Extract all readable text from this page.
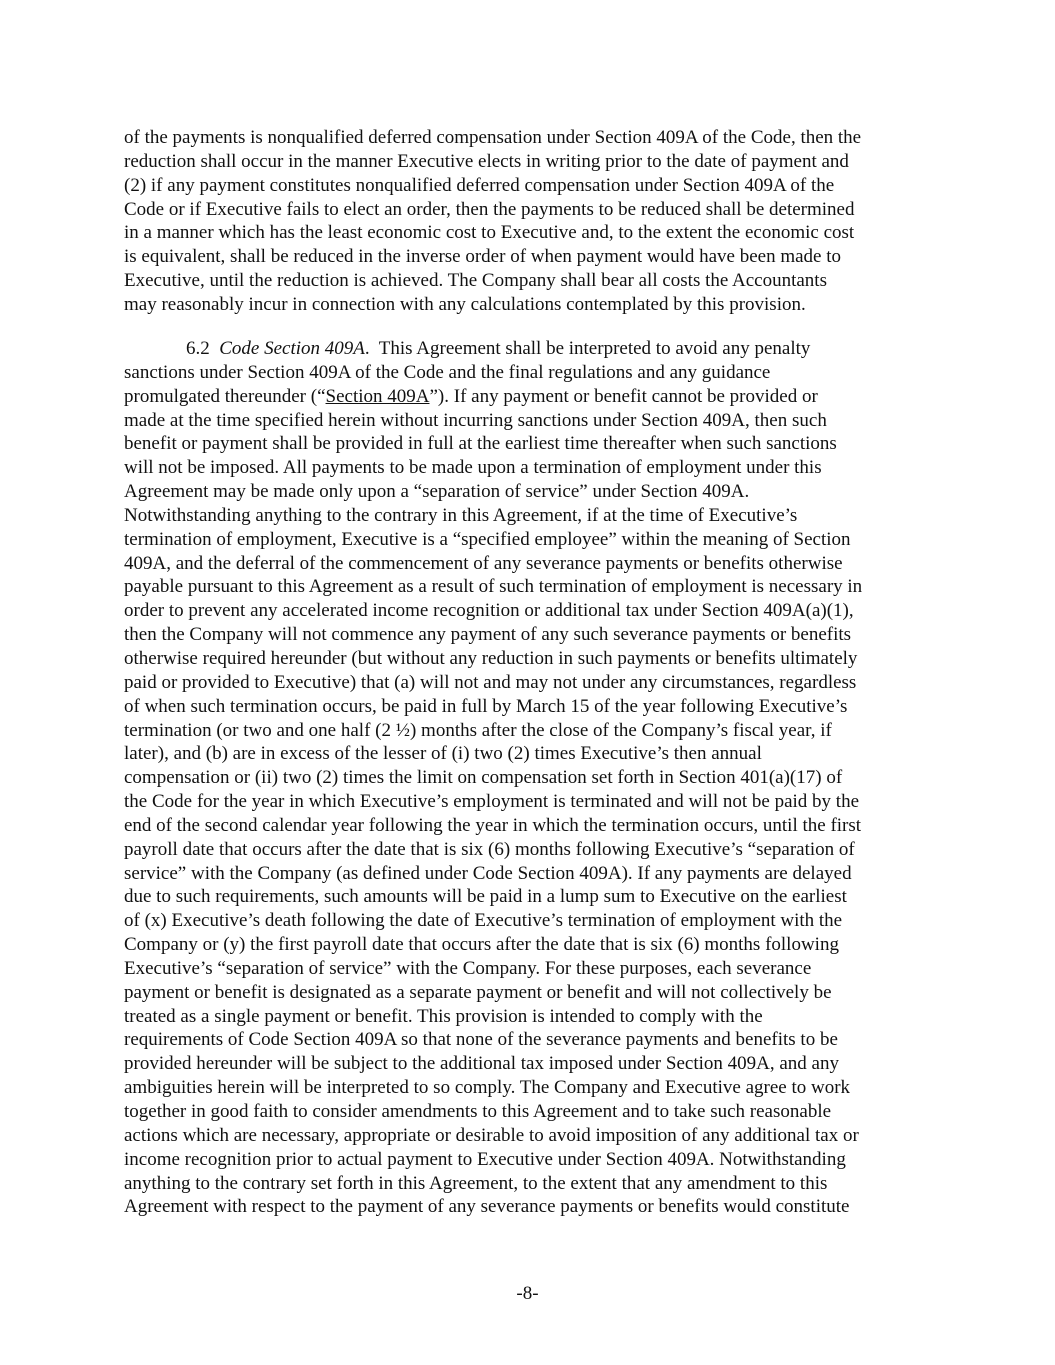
of the payments is nonqualified deferred compensation under Section 409A of the Code, then the
reduction shall occur in the manner Executive elects in writing prior to the date of payment and
(2) if any payment constitutes nonqualified deferred compensation under Section 409A of the
Code or if Executive fails to elect an order, then the payments to be reduced shall be determined
in a manner which has the least economic cost to Executive and, to the extent the economic cost
is equivalent, shall be reduced in the inverse order of when payment would have been made to
Executive, until the reduction is achieved. The Company shall bear all costs the Accountants
may reasonably incur in connection with any calculations contemplated by this provision.
6.2 Code Section 409A.  This Agreement shall be interpreted to avoid any penalty
sanctions under Section 409A of the Code and the final regulations and any guidance
promulgated thereunder (“Section 409A”). If any payment or benefit cannot be provided or
made at the time specified herein without incurring sanctions under Section 409A, then such
benefit or payment shall be provided in full at the earliest time thereafter when such sanctions
will not be imposed. All payments to be made upon a termination of employment under this
Agreement may be made only upon a “separation of service” under Section 409A.
Notwithstanding anything to the contrary in this Agreement, if at the time of Executive’s
termination of employment, Executive is a “specified employee” within the meaning of Section
409A, and the deferral of the commencement of any severance payments or benefits otherwise
payable pursuant to this Agreement as a result of such termination of employment is necessary in
order to prevent any accelerated income recognition or additional tax under Section 409A(a)(1),
then the Company will not commence any payment of any such severance payments or benefits
otherwise required hereunder (but without any reduction in such payments or benefits ultimately
paid or provided to Executive) that (a) will not and may not under any circumstances, regardless
of when such termination occurs, be paid in full by March 15 of the year following Executive’s
termination (or two and one half (2 ½) months after the close of the Company’s fiscal year, if
later), and (b) are in excess of the lesser of (i) two (2) times Executive’s then annual
compensation or (ii) two (2) times the limit on compensation set forth in Section 401(a)(17) of
the Code for the year in which Executive’s employment is terminated and will not be paid by the
end of the second calendar year following the year in which the termination occurs, until the first
payroll date that occurs after the date that is six (6) months following Executive’s “separation of
service” with the Company (as defined under Code Section 409A). If any payments are delayed
due to such requirements, such amounts will be paid in a lump sum to Executive on the earliest
of (x) Executive’s death following the date of Executive’s termination of employment with the
Company or (y) the first payroll date that occurs after the date that is six (6) months following
Executive’s “separation of service” with the Company. For these purposes, each severance
payment or benefit is designated as a separate payment or benefit and will not collectively be
treated as a single payment or benefit. This provision is intended to comply with the
requirements of Code Section 409A so that none of the severance payments and benefits to be
provided hereunder will be subject to the additional tax imposed under Section 409A, and any
ambiguities herein will be interpreted to so comply. The Company and Executive agree to work
together in good faith to consider amendments to this Agreement and to take such reasonable
actions which are necessary, appropriate or desirable to avoid imposition of any additional tax or
income recognition prior to actual payment to Executive under Section 409A. Notwithstanding
anything to the contrary set forth in this Agreement, to the extent that any amendment to this
Agreement with respect to the payment of any severance payments or benefits would constitute
-8-
